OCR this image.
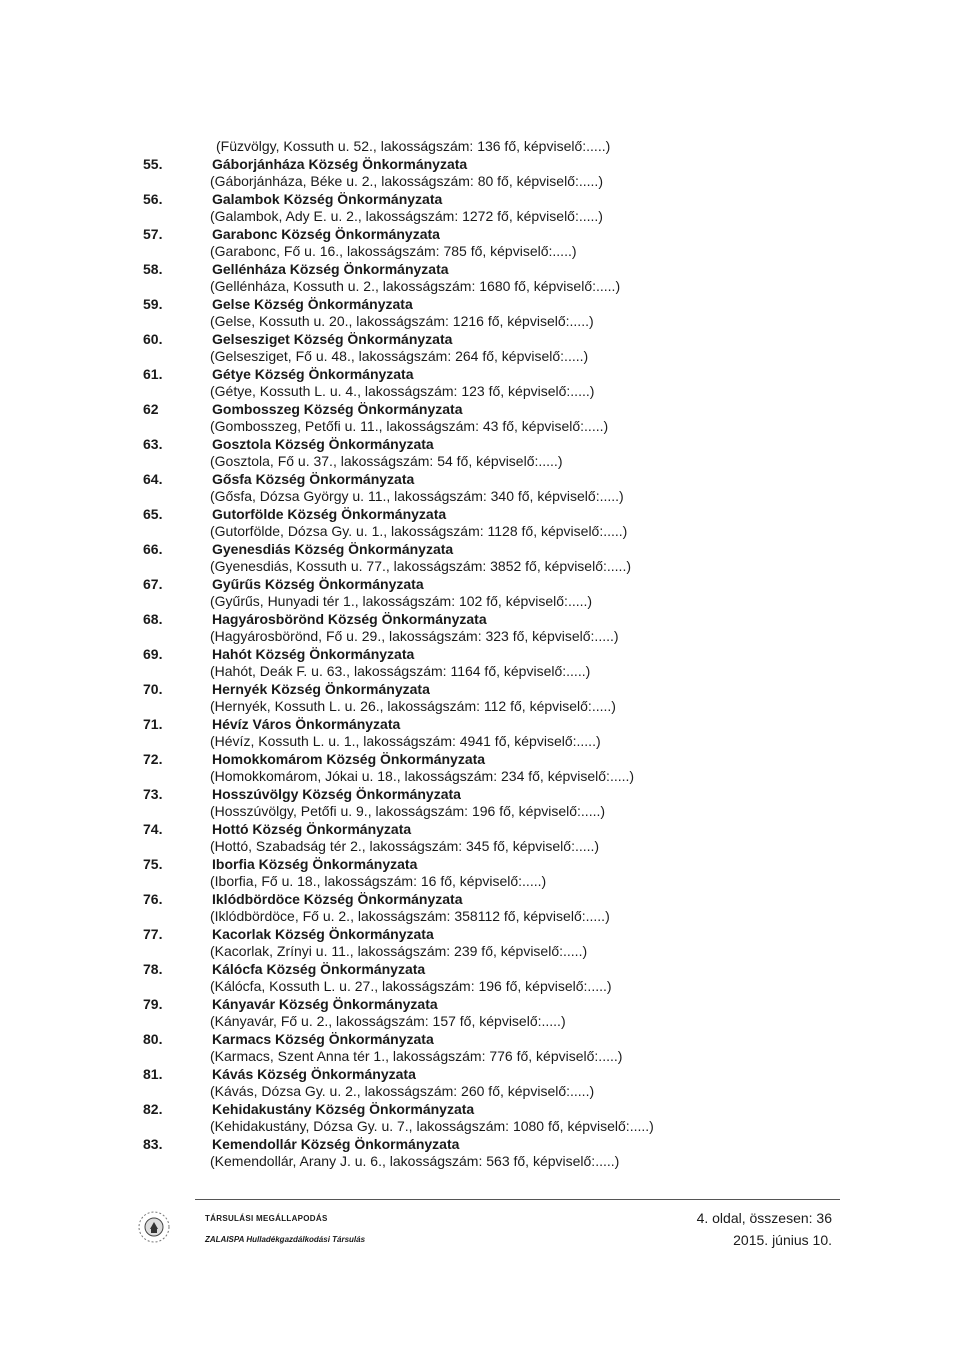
(Füzvölgy, Kossuth u. 52., lakosságszám: 136 fő, képviselő:.....)
55.	Gáborjánháza Község Önkormányzata
(Gáborjánháza, Béke u. 2., lakosságszám: 80 fő, képviselő:.....)
56.	Galambok Község Önkormányzata
(Galambok, Ady E. u. 2., lakosságszám: 1272 fő, képviselő:.....)
57.	Garabonc Község Önkormányzata
(Garabonc, Fő u. 16., lakosságszám: 785 fő, képviselő:.....)
58.	Gellénháza Község Önkormányzata
(Gellénháza, Kossuth u. 2., lakosságszám: 1680 fő, képviselő:.....)
59.	Gelse Község Önkormányzata
(Gelse, Kossuth u. 20., lakosságszám: 1216 fő, képviselő:.....)
60.	Gelsesziget Község Önkormányzata
(Gelsesziget, Fő u. 48., lakosságszám: 264 fő, képviselő:.....)
61.	Gétye Község Önkormányzata
(Gétye, Kossuth L. u. 4., lakosságszám: 123 fő, képviselő:.....)
62	Gombosszeg Község Önkormányzata
(Gombosszeg, Petőfi u. 11., lakosságszám: 43 fő, képviselő:.....)
63.	Gosztola Község Önkormányzata
(Gosztola, Fő u. 37., lakosságszám: 54 fő, képviselő:.....)
64.	Gősfa Község Önkormányzata
(Gősfa, Dózsa György u. 11., lakosságszám: 340 fő, képviselő:.....)
65.	Gutorfölde Község Önkormányzata
(Gutorfölde, Dózsa Gy. u. 1., lakosságszám: 1128 fő, képviselő:.....)
66.	Gyenesdiás Község Önkormányzata
(Gyenesdiás, Kossuth u. 77., lakosságszám: 3852 fő, képviselő:.....)
67.	Gyűrűs Község Önkormányzata
(Gyűrűs, Hunyadi tér 1., lakosságszám: 102 fő, képviselő:.....)
68.	Hagyárosbörönd Község Önkormányzata
(Hagyárosbörönd, Fő u. 29., lakosságszám: 323 fő, képviselő:.....)
69.	Hahót Község Önkormányzata
(Hahót, Deák F. u. 63., lakosságszám: 1164 fő, képviselő:.....)
70.	Hernyék Község Önkormányzata
(Hernyék, Kossuth L. u. 26., lakosságszám: 112 fő, képviselő:.....)
71.	Hévíz Város Önkormányzata
(Hévíz, Kossuth L. u. 1., lakosságszám: 4941 fő, képviselő:.....)
72.	Homokkomárom Község Önkormányzata
(Homokkomárom, Jókai u. 18., lakosságszám: 234 fő, képviselő:.....)
73.	Hosszúvölgy Község Önkormányzata
(Hosszúvölgy, Petőfi u. 9., lakosságszám: 196 fő, képviselő:.....)
74.	Hottó Község Önkormányzata
(Hottó, Szabadság tér 2., lakosságszám: 345 fő, képviselő:.....)
75.	Iborfia Község Önkormányzata
(Iborfia, Fő u. 18., lakosságszám: 16 fő, képviselő:.....)
76.	Iklódbördöce Község Önkormányzata
(Iklódbördöce, Fő u. 2., lakosságszám: 358112 fő, képviselő:.....)
77.	Kacorlak Község Önkormányzata
(Kacorlak, Zrínyi u. 11., lakosságszám: 239 fő, képviselő:.....)
78.	Kálócfa Község Önkormányzata
(Kálócfa, Kossuth L. u. 27., lakosságszám: 196 fő, képviselő:.....)
79.	Kányavár Község Önkormányzata
(Kányavár, Fő u. 2., lakosságszám: 157 fő, képviselő:.....)
80.	Karmacs Község Önkormányzata
(Karmacs, Szent Anna tér 1., lakosságszám: 776 fő, képviselő:.....)
81.	Kávás Község Önkormányzata
(Kávás, Dózsa Gy. u. 2., lakosságszám: 260 fő, képviselő:.....)
82.	Kehidakustány Község Önkormányzata
(Kehidakustány, Dózsa Gy. u. 7., lakosságszám: 1080 fő, képviselő:.....)
83.	Kemendollár Község Önkormányzata
(Kemendollár, Arany J. u. 6., lakosságszám: 563 fő, képviselő:.....)
TÁRSULÁSI MEGÁLLAPODÁS
ZALAISPA Hulladékgazdálkodási Társulás
4. oldal, összesen: 36
2015. június 10.
